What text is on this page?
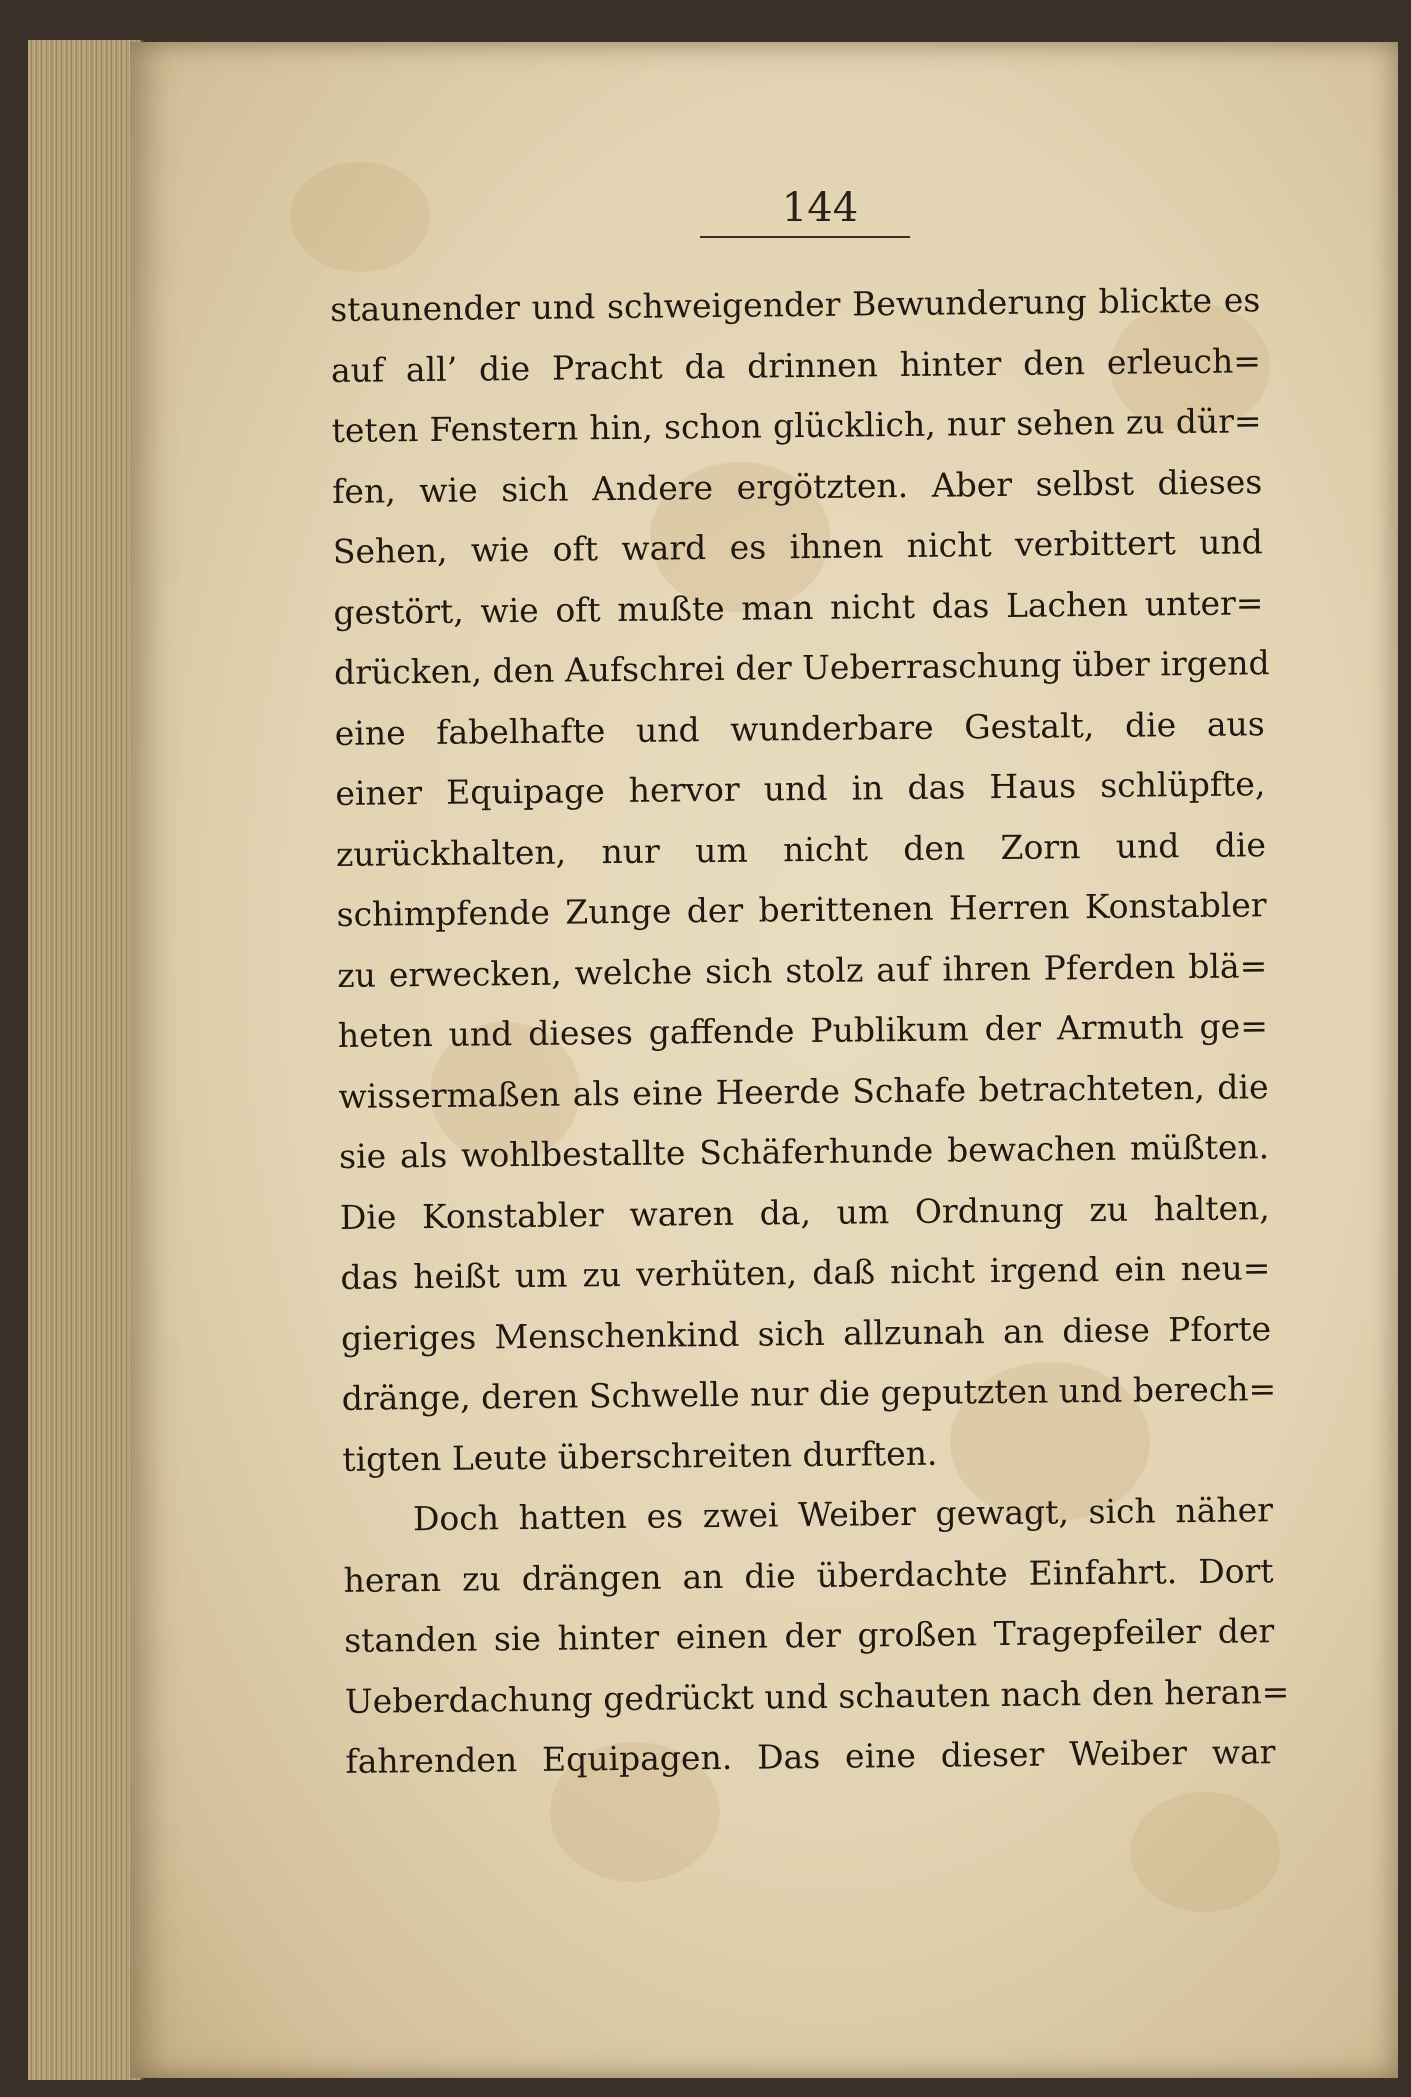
144
staunender und schweigender Bewunderung blickte es
auf all’ die Pracht da drinnen hinter den erleuch=
teten Fenstern hin, schon glücklich, nur sehen zu dür=
fen, wie sich Andere ergötzten. Aber selbst dieses
Sehen, wie oft ward es ihnen nicht verbittert und
gestört, wie oft mußte man nicht das Lachen unter=
drücken, den Aufschrei der Ueberraschung über irgend
eine fabelhafte und wunderbare Gestalt, die aus
einer Equipage hervor und in das Haus schlüpfte,
zurückhalten, nur um nicht den Zorn und die
schimpfende Zunge der berittenen Herren Konstabler
zu erwecken, welche sich stolz auf ihren Pferden blä=
heten und dieses gaffende Publikum der Armuth ge=
wissermaßen als eine Heerde Schafe betrachteten, die
sie als wohlbestallte Schäferhunde bewachen müßten.
Die Konstabler waren da, um Ordnung zu halten,
das heißt um zu verhüten, daß nicht irgend ein neu=
gieriges Menschenkind sich allzunah an diese Pforte
dränge, deren Schwelle nur die geputzten und berech=
tigten Leute überschreiten durften.
Doch hatten es zwei Weiber gewagt, sich näher
heran zu drängen an die überdachte Einfahrt. Dort
standen sie hinter einen der großen Tragepfeiler der
Ueberdachung gedrückt und schauten nach den heran=
fahrenden Equipagen. Das eine dieser Weiber war
